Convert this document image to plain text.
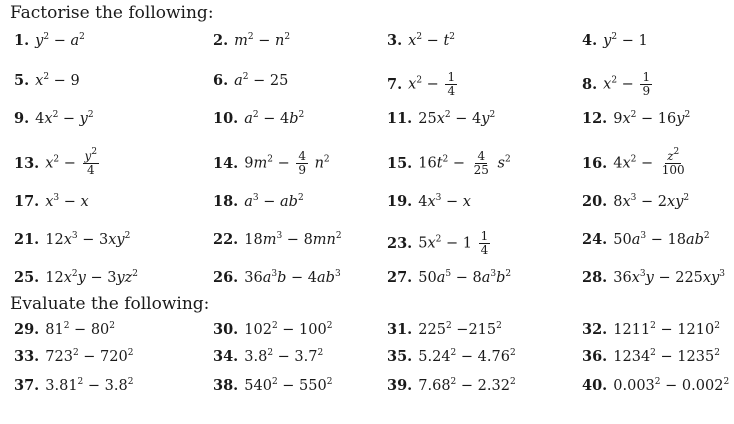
Factorise the following:
Evaluate the following:
1. $y^2 - a^2$	2. $m^2 - n^2$	3. $x^2 - t^2$	4. $y^2 - 1$
5. $x^2 - 9$	6. $a^2 - 25$	7. $x^2 - \frac{1}{4}$	8. $x^2 - \frac{1}{9}$
9. $4x^2 - y^2$	10. $a^2 - 4b^2$	11. $25x^2 - 4y^2$	12. $9x^2 - 16y^2$
13. $x^2 - \frac{y^2}{4}$	14. $9m^2 - \frac{4}{9} n^2$	15. $16t^2 - \frac{4}{25} s^2$	16. $4x^2 - \frac{z^2}{100}$
17. $x^3 - x$	18. $a^3 - ab^2$	19. $4x^3 - x$	20. $8x^3 - 2xy^2$
21. $12x^3 - 3xy^2$	22. $18m^3 - 8mn^2$	23. $5x^2 - 1 \frac{1}{4}$	24. $50a^3 - 18ab^2$
25. $12x^2y - 3yz^2$	26. $36a^3b - 4ab^3$	27. $50a^5 - 8a^3b^2$	28. $36x^3y - 225xy^3$
29. $81^2 - 80^2$	30. $102^2 - 100^2$	31. $225^2 -215^2$	32. $1211^2 - 1210^2$
33. $723^2 - 720^2$	34. $3.8^2 - 3.7^2$	35. $5.24^2 - 4.76^2$	36. $1234^2 - 1235^2$
37. $3.81^2 - 3.8^2$	38. $540^2 - 550^2$	39. $7.68^2 - 2.32^2$	40. $0.003^2 - 0.002^2$
